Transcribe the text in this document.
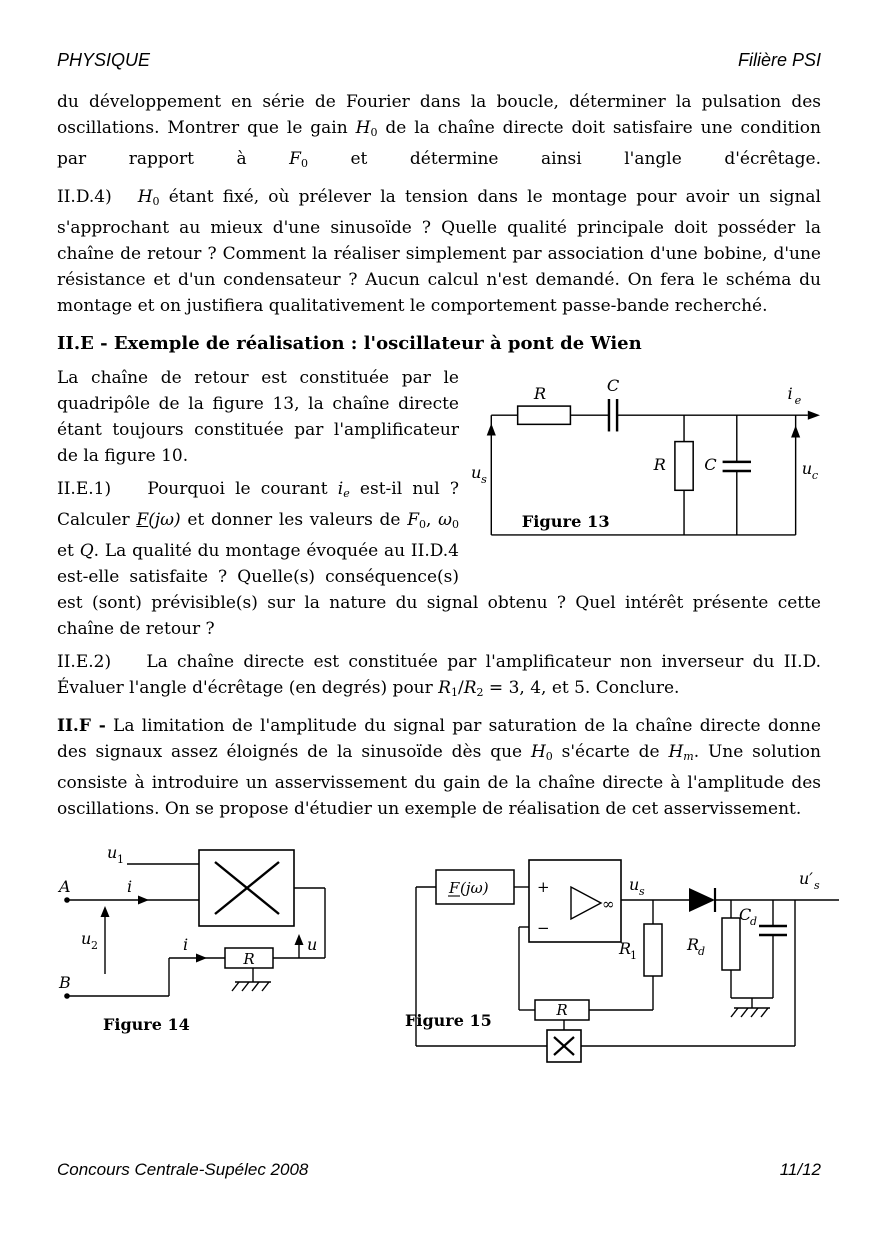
PHYSIQUE	Filière PSI

du développement en série de Fourier dans la boucle, déterminer la pulsation des oscillations. Montrer que le gain H0 de la chaîne directe doit satisfaire une condition par rapport à F0 et détermine ainsi l'angle d'écrêtage.

II.D.4) H0 étant fixé, où prélever la tension dans le montage pour avoir un signal s'approchant au mieux d'une sinusoïde ? Quelle qualité principale doit posséder la chaîne de retour ? Comment la réaliser simplement par association d'une bobine, d'une résistance et d'un condensateur ? Aucun calcul n'est demandé. On fera le schéma du montage et on justifiera qualitativement le comportement passe-bande recherché.

II.E - Exemple de réalisation : l'oscillateur à pont de Wien
R	C	i e
u s
R C	u c
Figure 13

La chaîne de retour est constituée par le quadripôle de la figure 13, la chaîne directe étant toujours constituée par l'amplificateur de la figure 10.

II.E.1) Pourquoi le courant ie est-il nul ? Calculer F(jω) et donner les valeurs de F0, ω0 et Q. La qualité du montage évoquée au II.D.4 est-elle satisfaite ? Quelle(s) conséquence(s) est (sont) prévisible(s) sur la nature du signal obtenu ? Quel intérêt présente cette chaîne de retour ?

II.E.2) La chaîne directe est constituée par l'amplificateur non inverseur du II.D. Évaluer l'angle d'écrêtage (en degrés) pour R1/R2 = 3, 4, et 5. Conclure.

II.F - La limitation de l'amplitude du signal par saturation de la chaîne directe donne des signaux assez éloignés de la sinusoïde dès que H0 s'écarte de Hm. Une solution consiste à introduire un asservissement du gain de la chaîne directe à l'amplitude des oscillations. On se propose d'étudier un exemple de réalisation de cet asservissement.

u 1
A	i
u 2
B
i
R
u
Figure 14
F (jω)	+
−
∞
u s
R
1
R
d
C
d
u′ s
R
Figure 15
Concours Centrale-Supélec 2008	11/12
